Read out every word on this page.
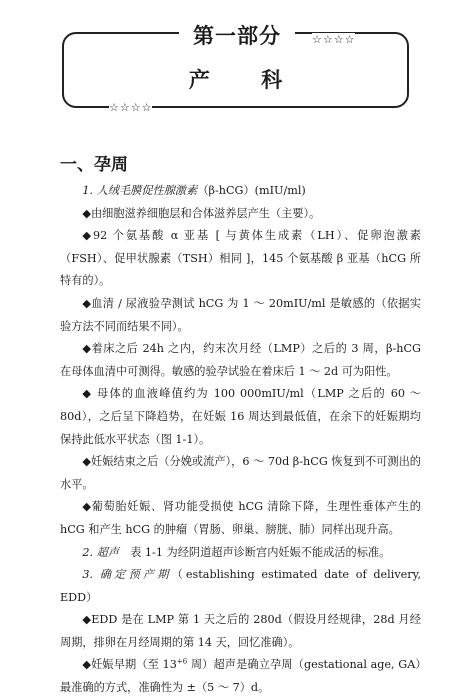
第一部分	☆☆☆☆
产 科
☆☆☆☆
一、孕周

1. 人绒毛膜促性腺激素（β-hCG）(mIU/ml)

◆由细胞滋养细胞层和合体滋养层产生（主要）。

◆92 个氨基酸 α 亚基 [ 与黄体生成素（LH）、促卵泡激素（FSH）、促甲状腺素（TSH）相同 ]，145 个氨基酸 β 亚基（hCG 所特有的）。

◆血清 / 尿液验孕测试 hCG 为 1 ～ 20mIU/ml 是敏感的（依据实验方法不同而结果不同）。

◆着床之后 24h 之内，约末次月经（LMP）之后的 3 周，β-hCG 在母体血清中可测得。敏感的验孕试验在着床后 1 ～ 2d 可为阳性。

◆ 母体的血液峰值约为 100 000mIU/ml（LMP 之后的 60 ～ 80d），之后呈下降趋势，在妊娠 16 周达到最低值，在余下的妊娠期均保持此低水平状态（图 1-1）。

◆妊娠结束之后（分娩或流产），6 ～ 70d β-hCG 恢复到不可测出的水平。

◆葡萄胎妊娠、肾功能受损使 hCG 清除下降，生理性垂体产生的 hCG 和产生 hCG 的肿瘤（胃肠、卵巢、膀胱、肺）同样出现升高。

2. 超声　表 1-1 为经阴道超声诊断宫内妊娠不能成活的标准。

3. 确定预产期（establishing estimated date of delivery, EDD）

◆EDD 是在 LMP 第 1 天之后的 280d（假设月经规律，28d 月经周期，排卵在月经周期的第 14 天，回忆准确）。

◆妊娠早期（至 $13^{+6}$ 周）超声是确立孕周（gestational age, GA）最准确的方式，准确性为 ±（5 ～ 7）d。
